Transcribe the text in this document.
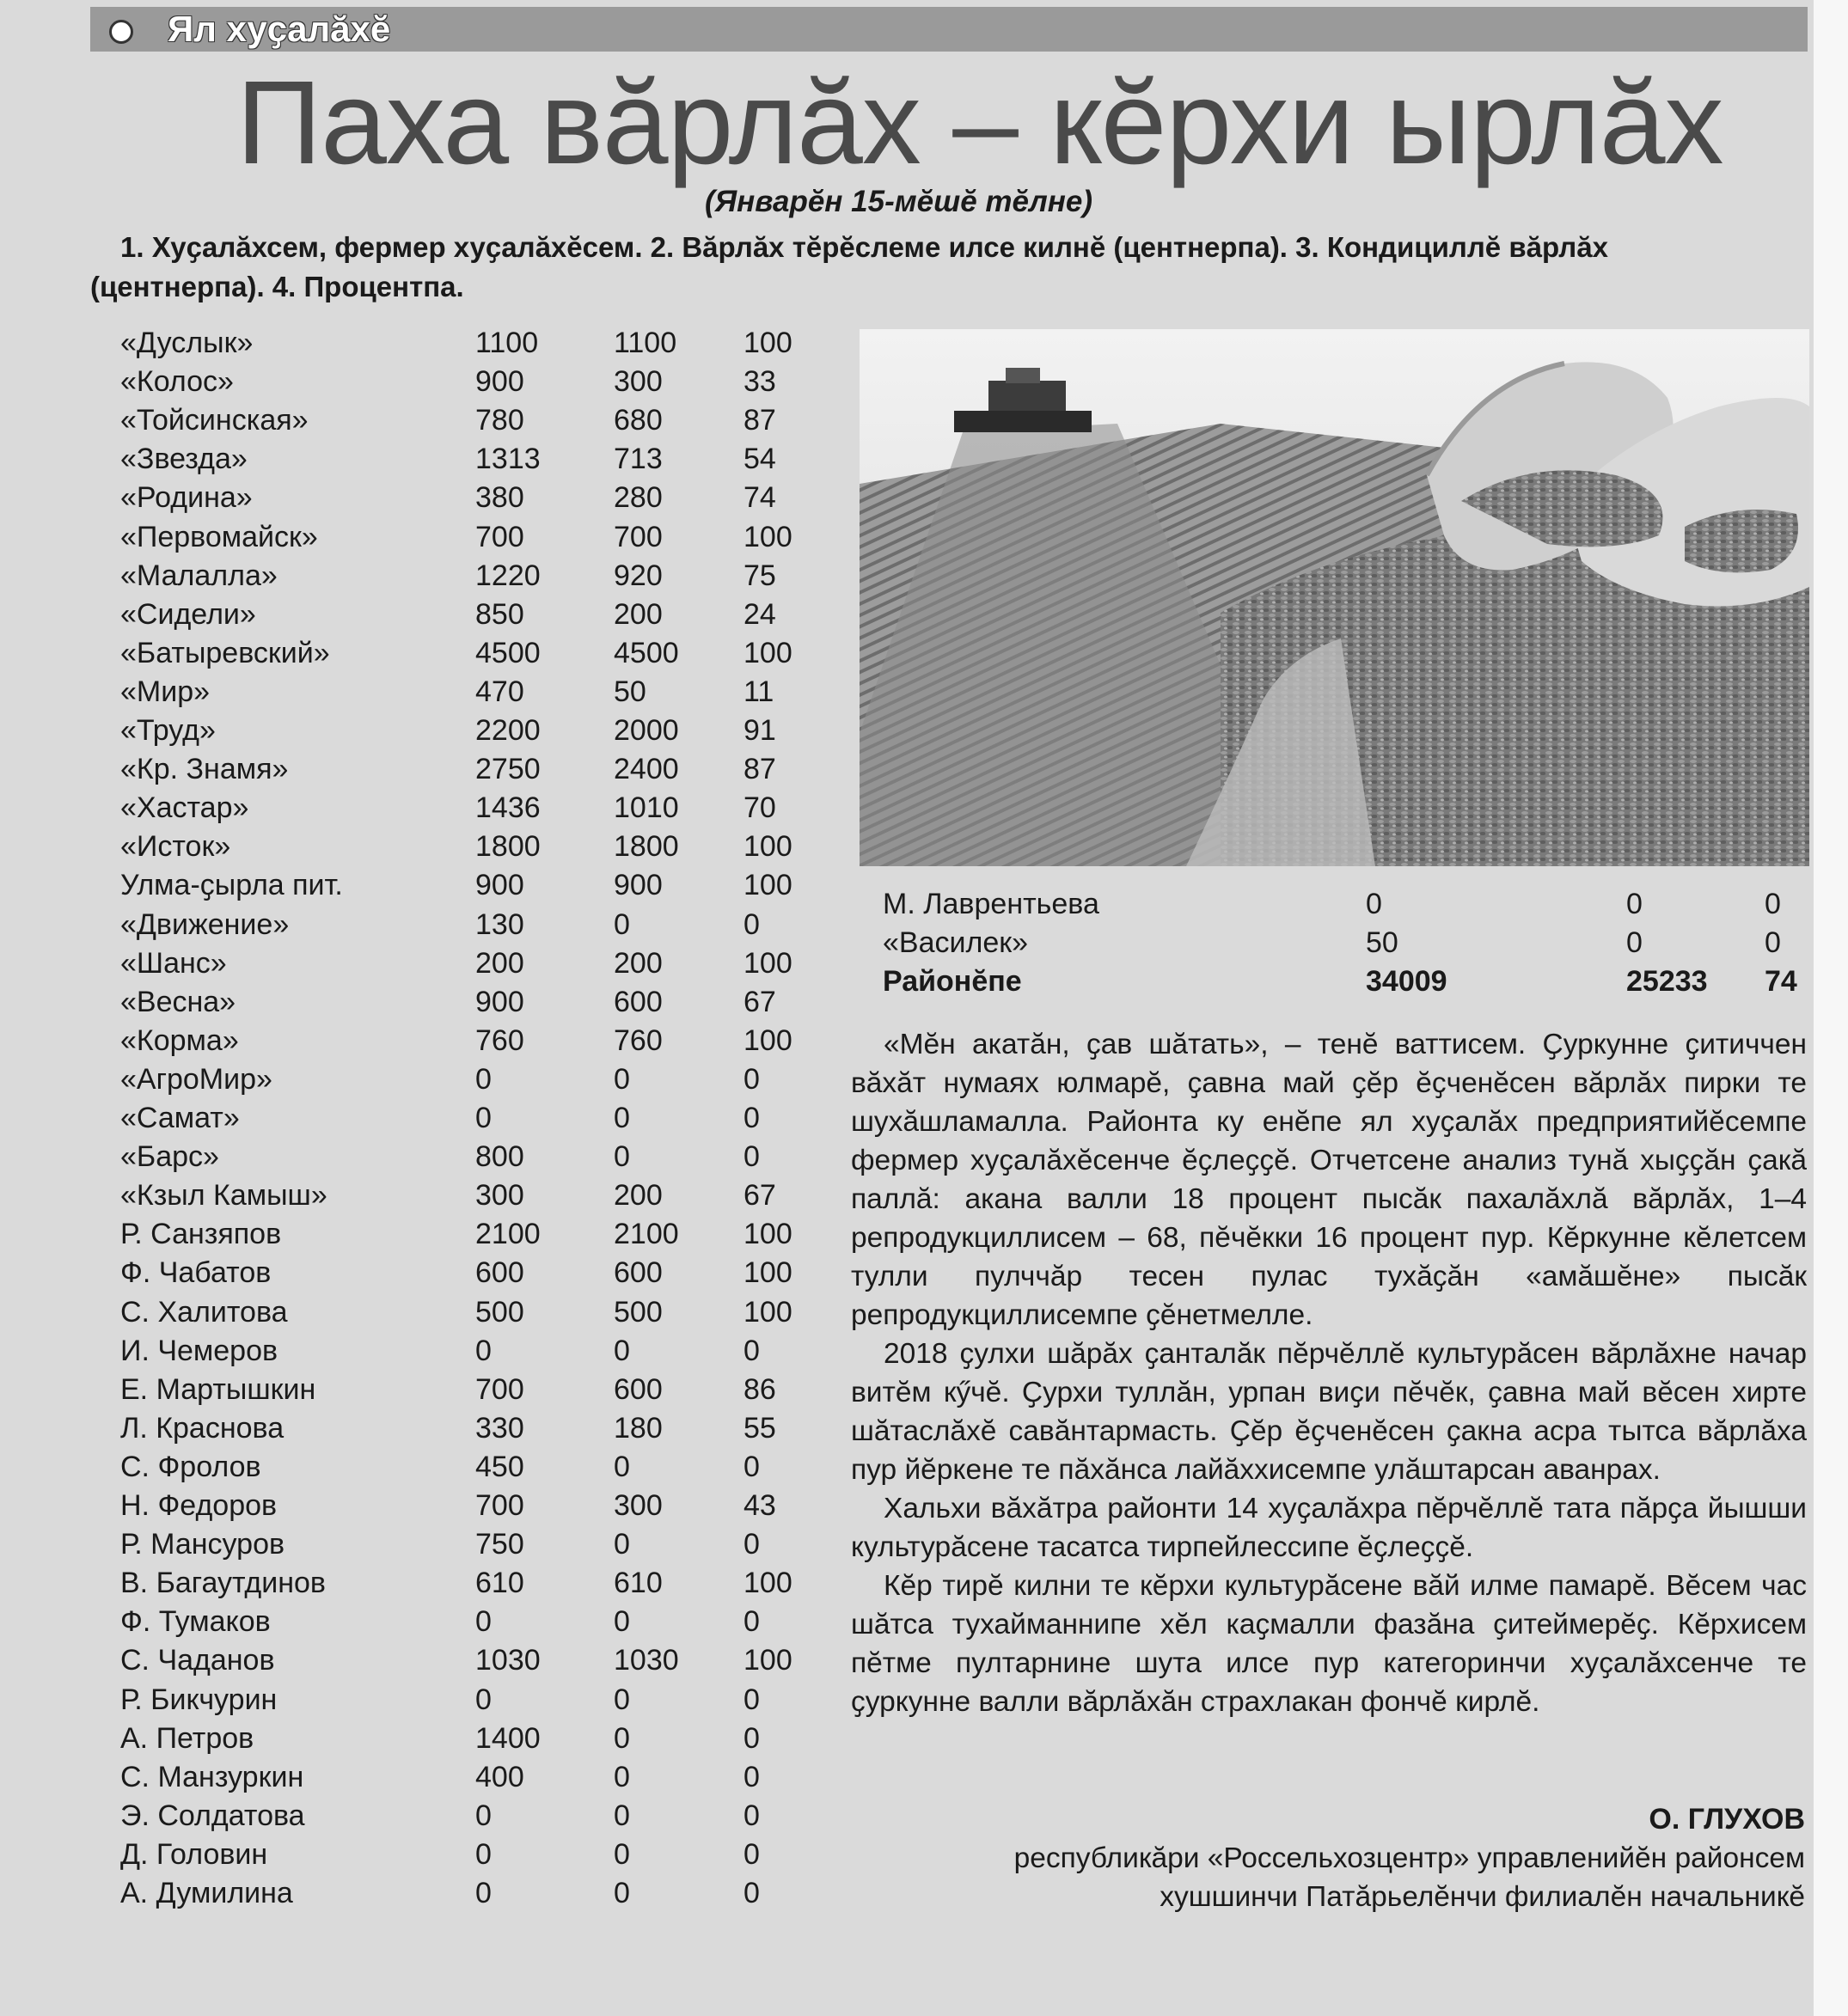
Ял хуҫалӑхӗ
Паха вӑрлӑх – кӗрхи ырлӑх
(Январӗн 15-мӗшӗ тӗлне)
1. Хуҫалӑхсем, фермер хуҫалӑхӗсем. 2. Вӑрлӑх тӗрӗслеме илсе килнӗ (центнерпа). 3. Кондициллӗ вӑрлӑх
(центнерпа). 4. Процентпа.
«Дуслык»	1100	1100 100
«Колос»	900	300	33
«Тойсинская»	780	680	87
«Звезда»	1313	713	54
«Родина»	380	280	74
«Первомайск»	700	700	100
«Малалла»	1220	920	75
«Сидели»	850	200	24
«Батыревский»	4500	4500 100
«Мир»	470	50	11
«Труд»	2200	2000 91
«Кр. Знамя»	2750	2400 87
«Хастар»	1436	1010 70
«Исток»	1800	1800 100
Улма-ҫырла пит.	900	900	100
«Движение»	130	0	0
«Шанс»	200	200	100
«Весна»	900	600	67
«Корма»	760	760	100
«АгроМир»	0	0	0
«Самат»	0	0	0
«Барс»	800	0	0
«Кзыл Камыш»	300	200	67
Р. Санзяпов	2100	2100 100
Ф. Чабатов	600	600	100
С. Халитова	500	500	100
И. Чемеров	0	0	0
Е. Мартышкин	700	600	86
Л. Краснова	330	180	55
С. Фролов	450	0	0
Н. Федоров	700	300	43
Р. Мансуров	750	0	0
В. Багаутдинов	610	610	100
Ф. Тумаков	0	0	0
С. Чаданов	1030	1030 100
Р. Бикчурин	0	0	0
А. Петров	1400	0	0
С. Манзуркин	400	0	0
Э. Солдатова	0	0	0
Д. Головин	0	0	0
А. Думилина	0	0	0
М. Лаврентьева	0	0	0
«Василек»	50	0	0
Районӗпе	34009	25233 74

«Мӗн акатӑн, ҫав шӑтать», – тенӗ ваттисем. Ҫуркунне ҫитиччен вӑхӑт нумаях юлмарӗ, ҫавна май ҫӗр ӗҫченӗсен вӑрлӑх пирки те шухӑшламалла. Районта ку енӗпе ял хуҫалӑх предприятийӗсемпе фермер хуҫалӑхӗсенче ӗҫлеҫҫӗ. Отчетсене анализ тунӑ хыҫҫӑн ҫакӑ паллӑ: акана валли 18 процент пысӑк пахалӑхлӑ вӑрлӑх, 1–4 репродукциллисем – 68, пӗчӗкки 16 процент пур. Кӗркунне кӗлетсем тулли пулччӑр тесен пулас тухӑҫӑн «амӑшӗне» пысӑк репродукциллисемпе ҫӗнетмелле.

2018 ҫулхи шӑрӑх ҫанталӑк пӗрчӗллӗ культурӑсен вӑрлӑхне начар витӗм кӳчӗ. Ҫурхи туллӑн, урпан виҫи пӗчӗк, ҫавна май вӗсен хирте шӑтаслӑхӗ савӑнтармасть. Ҫӗр ӗҫченӗсен ҫакна асра тытса вӑрлӑха пур йӗркене те пӑхӑнса лайӑххисемпе улӑштарсан аванрах.

Хальхи вӑхӑтра районти 14 хуҫалӑхра пӗрчӗллӗ тата пӑрҫа йышши культурӑсене тасатса тирпейлессипе ӗҫлеҫҫӗ.

Кӗр тиpӗ килни те кӗрхи культурӑсене вӑй илме памарӗ. Вӗсем час шӑтса тухайманнипе хӗл каҫмалли фазӑна ҫитеймерӗҫ. Кӗрхисем пӗтме пултарнине шута илсе пур категоринчи хуҫалӑхсенче те ҫуркунне валли вӑрлӑхӑн страхлакан фончӗ кирлӗ.

О. ГЛУХОВ
республикӑри «Россельхозцентр» управленийӗн районсем
хушшинчи Патӑрьелӗнчи филиалӗн начальникӗ
